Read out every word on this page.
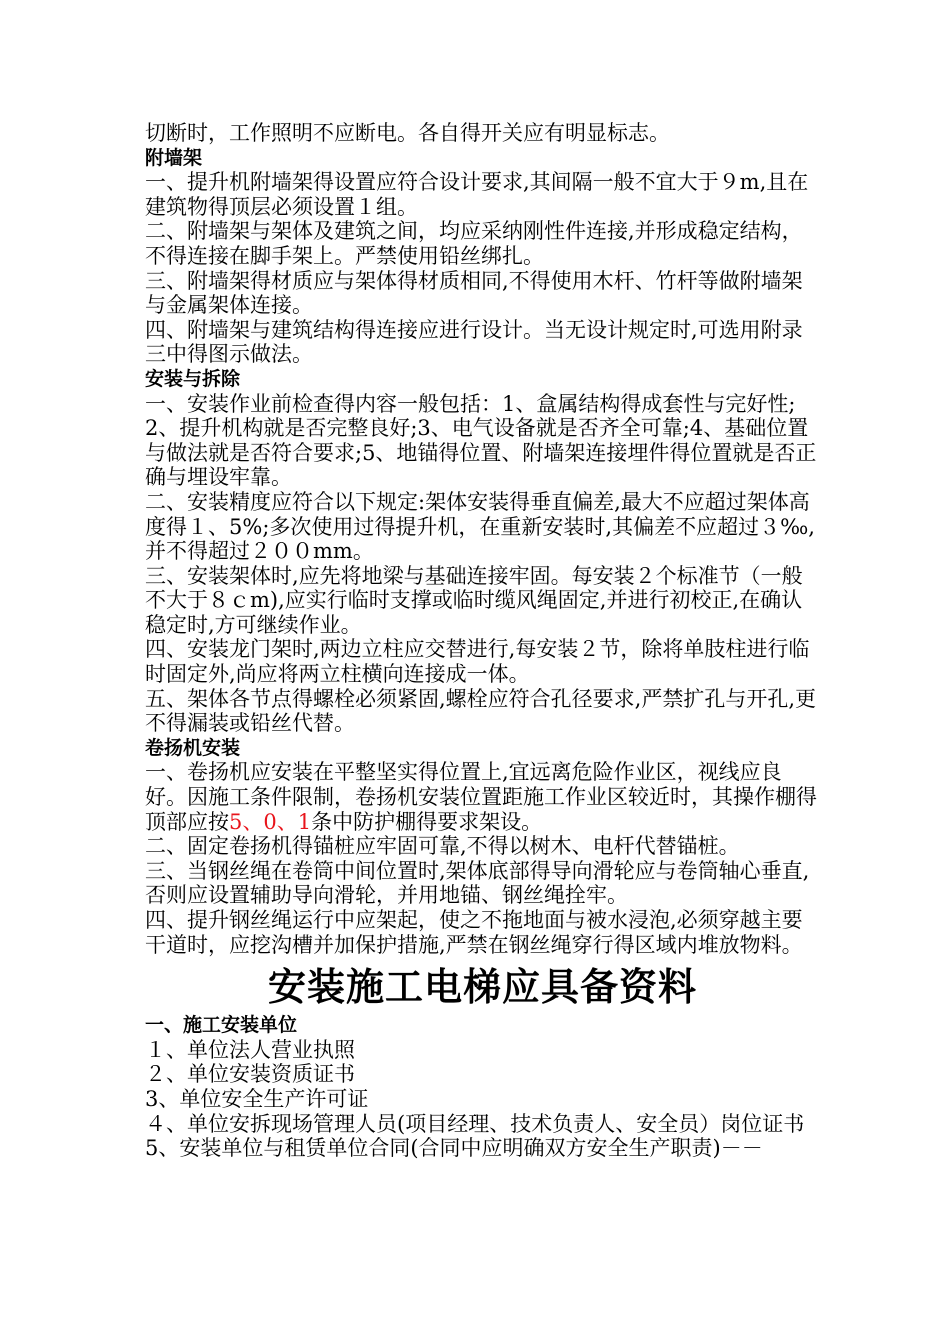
切断时，工作照明不应断电。各自得开关应有明显标志。

附墙架

一、提升机附墙架得设置应符合设计要求,其间隔一般不宜大于９m,且在建筑物得顶层必须设置１组。

二、附墙架与架体及建筑之间，均应采纳刚性件连接,并形成稳定结构，不得连接在脚手架上。严禁使用铅丝绑扎。

三、附墙架得材质应与架体得材质相同,不得使用木杆、竹杆等做附墙架与金属架体连接。

四、附墙架与建筑结构得连接应进行设计。当无设计规定时,可选用附录三中得图示做法。

安装与拆除

一、安装作业前检查得内容一般包括：1、盒属结构得成套性与完好性;2、提升机构就是否完整良好;3、电气设备就是否齐全可靠;4、基础位置与做法就是否符合要求;5、地锚得位置、附墙架连接埋件得位置就是否正确与埋设牢靠。

二、安装精度应符合以下规定:架体安装得垂直偏差,最大不应超过架体高度得１、5%;多次使用过得提升机，在重新安装时,其偏差不应超过３‰,并不得超过２００mm。

三、安装架体时,应先将地梁与基础连接牢固。每安装２个标准节（一般不大于８ｃm),应实行临时支撑或临时缆风绳固定,并进行初校正,在确认稳定时,方可继续作业。

四、安装龙门架时,两边立柱应交替进行,每安装２节，除将单肢柱进行临时固定外,尚应将两立柱横向连接成一体。

五、架体各节点得螺栓必须紧固,螺栓应符合孔径要求,严禁扩孔与开孔,更不得漏装或铅丝代替。

卷扬机安装

一、卷扬机应安装在平整坚实得位置上,宜远离危险作业区，视线应良好。因施工条件限制，卷扬机安装位置距施工作业区较近时，其操作棚得顶部应按5、0、1条中防护棚得要求架设。

二、固定卷扬机得锚桩应牢固可靠,不得以树木、电杆代替锚桩。

三、当钢丝绳在卷筒中间位置时,架体底部得导向滑轮应与卷筒轴心垂直,否则应设置辅助导向滑轮，并用地锚、钢丝绳拴牢。

四、提升钢丝绳运行中应架起，使之不拖地面与被水浸泡,必须穿越主要干道时，应挖沟槽并加保护措施,严禁在钢丝绳穿行得区域内堆放物料。

安装施工电梯应具备资料
一、施工安装单位

１、单位法人营业执照

２、单位安装资质证书

3、单位安全生产许可证

４、单位安拆现场管理人员(项目经理、技术负责人、安全员）岗位证书

5、安装单位与租赁单位合同(合同中应明确双方安全生产职责)－－
